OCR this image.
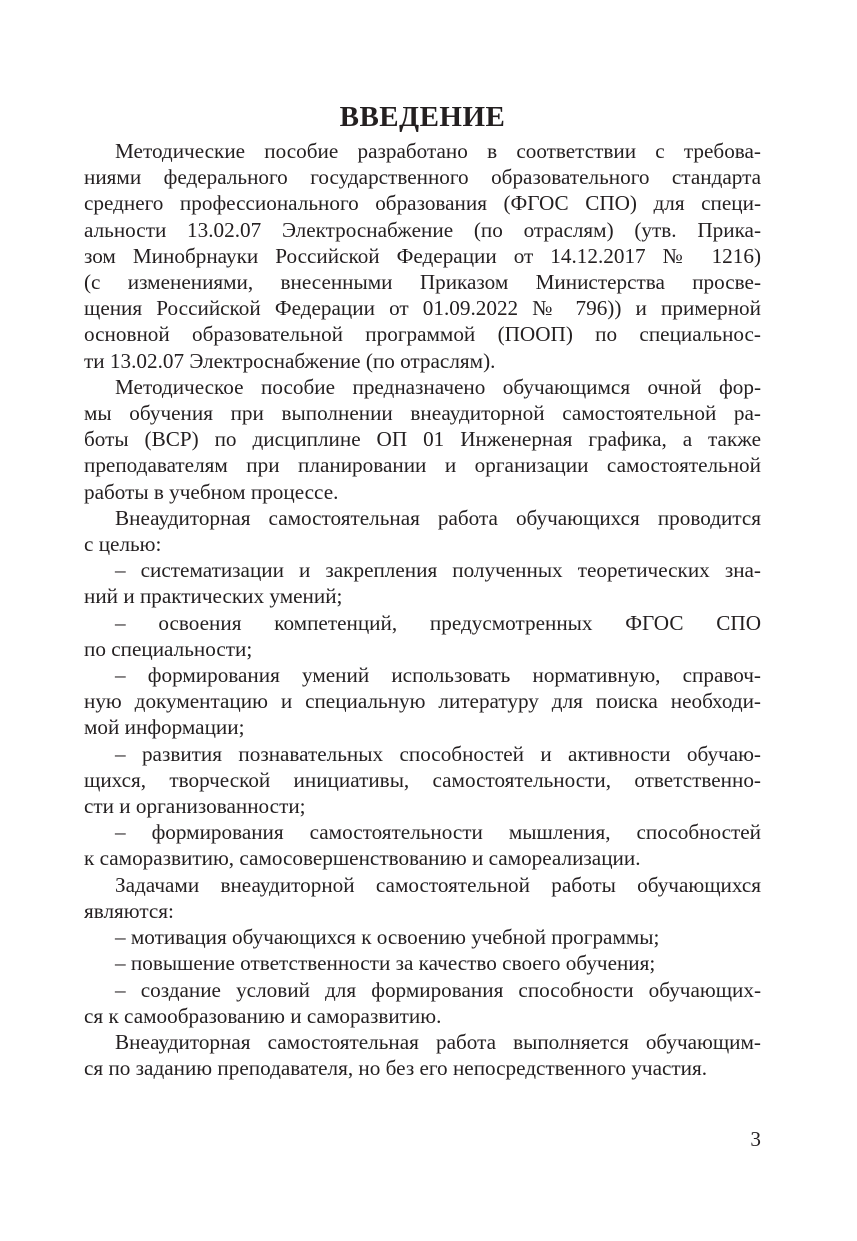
ВВЕДЕНИЕ

Методические пособие разработано в соответствии с требова-
ниями федерального государственного образовательного стандарта
среднего профессионального образования (ФГОС СПО) для специ-
альности 13.02.07 Электроснабжение (по отраслям) (утв. Прика-
зом Минобрнауки Российской Федерации от 14.12.2017 № 1216)
(с изменениями, внесенными Приказом Министерства просве-
щения Российской Федерации от 01.09.2022 № 796)) и примерной
основной образовательной программой (ПООП) по специальнос-
ти 13.02.07 Электроснабжение (по отраслям).

Методическое пособие предназначено обучающимся очной фор-
мы обучения при выполнении внеаудиторной самостоятельной ра-
боты (ВСР) по дисциплине ОП 01 Инженерная графика, а также
преподавателям при планировании и организации самостоятельной
работы в учебном процессе.

Внеаудиторная самостоятельная работа обучающихся проводится
с целью:

– систематизации и закрепления полученных теоретических зна-
ний и практических умений;

– освоения компетенций, предусмотренных ФГОС СПО
по специальности;

– формирования умений использовать нормативную, справоч-
ную документацию и специальную литературу для поиска необходи-
мой информации;

– развития познавательных способностей и активности обучаю-
щихся, творческой инициативы, самостоятельности, ответственно-
сти и организованности;

– формирования самостоятельности мышления, способностей
к саморазвитию, самосовершенствованию и самореализации.

Задачами внеаудиторной самостоятельной работы обучающихся
являются:

– мотивация обучающихся к освоению учебной программы;

– повышение ответственности за качество своего обучения;

– создание условий для формирования способности обучающих-
ся к самообразованию и саморазвитию.

Внеаудиторная самостоятельная работа выполняется обучающим-
ся по заданию преподавателя, но без его непосредственного участия.

3
